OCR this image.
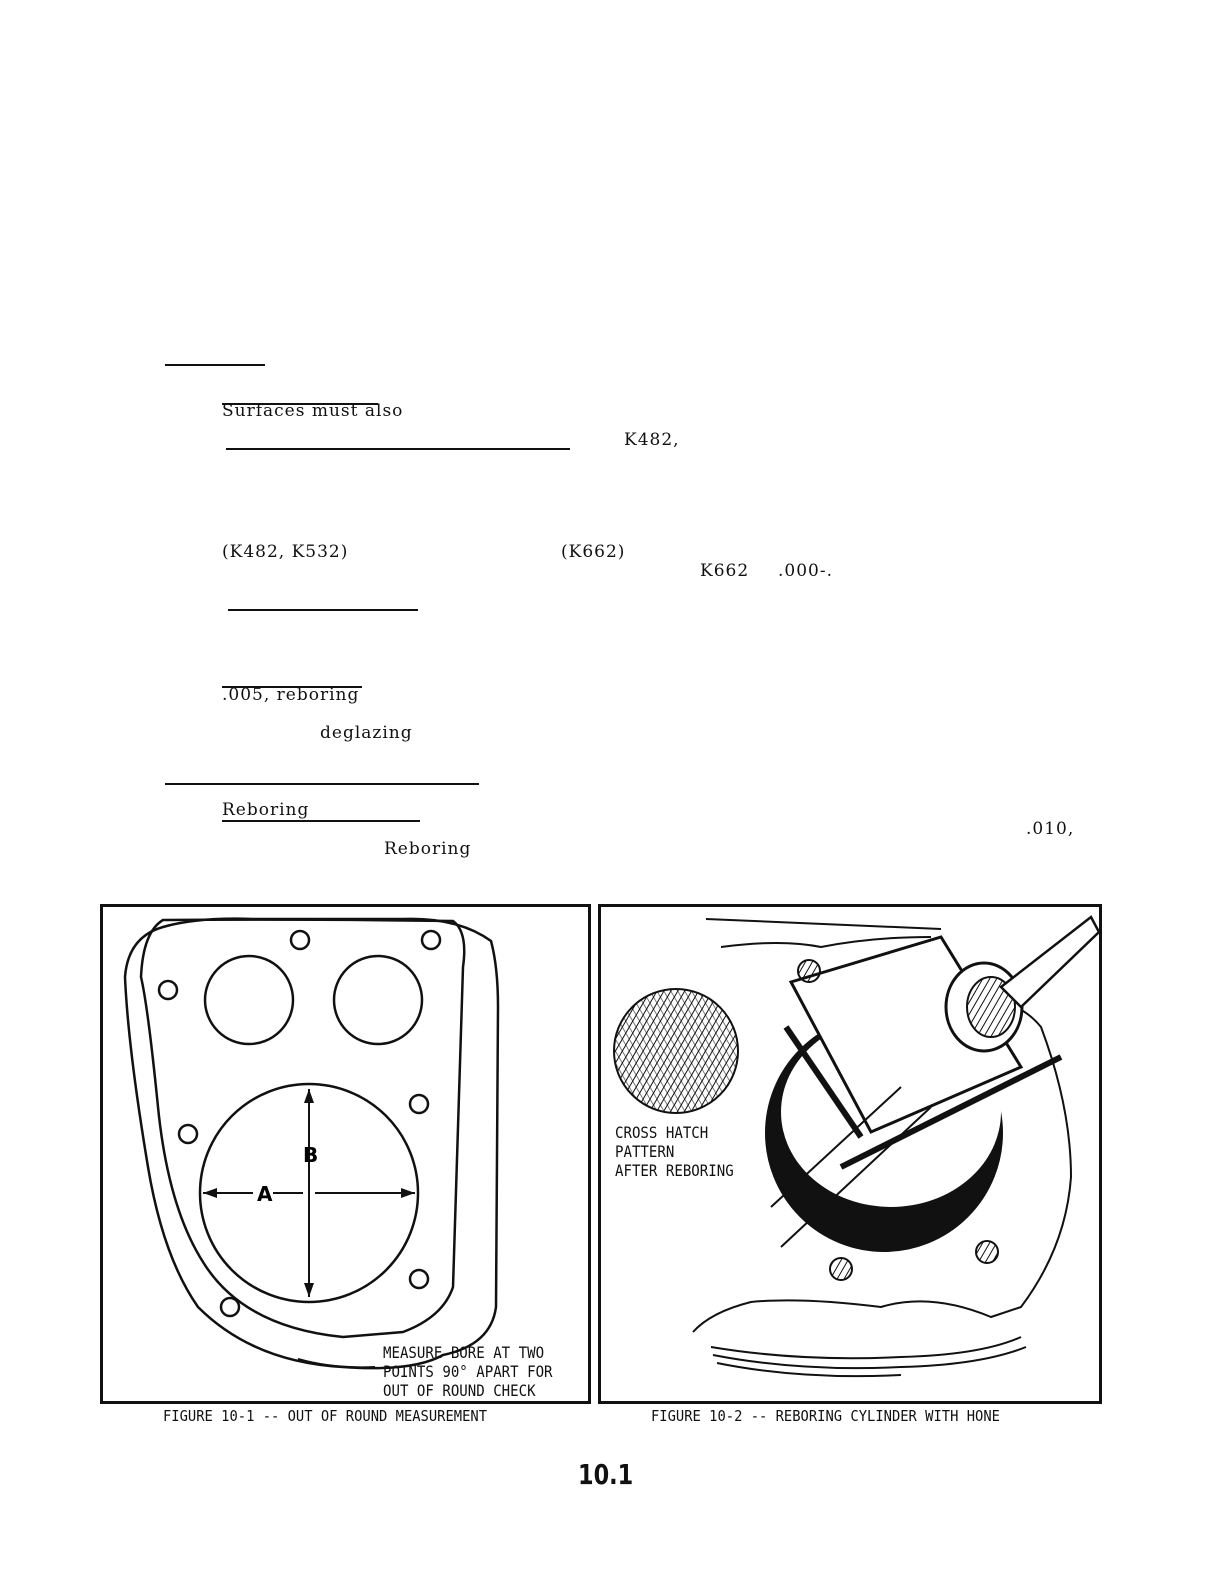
Surfaces must also
K482,
(K482, K532)	(K662)
K662 .000-.
.005, reboring
deglazing
Reboring
.010,
Reboring
B
A
MEASURE BORE AT TWO
POINTS 90° APART FOR
OUT OF ROUND CHECK
FIGURE 10-1 -- OUT OF ROUND MEASUREMENT
CROSS HATCH
PATTERN
AFTER REBORING
FIGURE 10-2 -- REBORING CYLINDER WITH HONE
10.1
